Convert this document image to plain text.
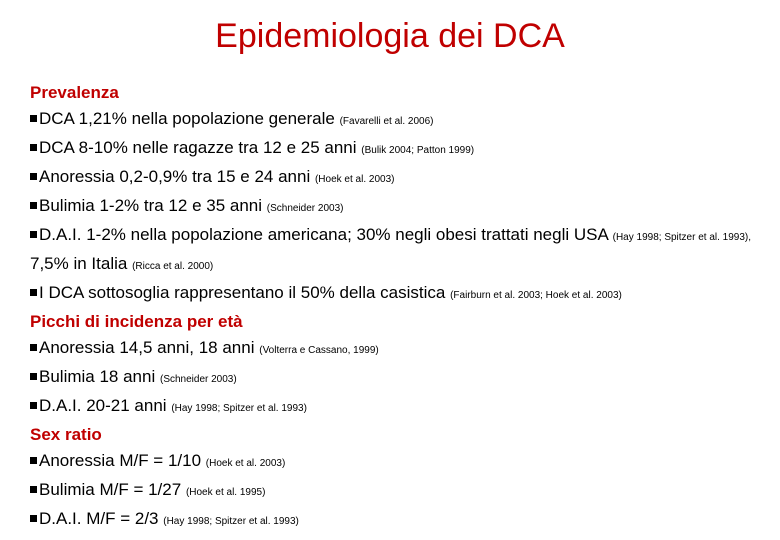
Epidemiologia dei DCA
Prevalenza
DCA 1,21% nella popolazione generale (Favarelli et al. 2006)
DCA 8-10% nelle ragazze tra 12 e 25 anni (Bulik 2004; Patton 1999)
Anoressia 0,2-0,9% tra 15 e 24 anni (Hoek et al. 2003)
Bulimia 1-2% tra 12 e 35 anni (Schneider 2003)
D.A.I. 1-2% nella popolazione americana; 30% negli obesi trattati negli USA (Hay 1998; Spitzer et al. 1993), 7,5% in Italia (Ricca et al. 2000)
I DCA sottosoglia rappresentano il 50% della casistica (Fairburn et al. 2003; Hoek et al. 2003)
Picchi di incidenza per età
Anoressia 14,5 anni, 18 anni (Volterra e Cassano, 1999)
Bulimia 18 anni (Schneider 2003)
D.A.I. 20-21 anni (Hay 1998; Spitzer et al. 1993)
Sex ratio
Anoressia M/F = 1/10 (Hoek et al. 2003)
Bulimia M/F = 1/27 (Hoek et al. 1995)
D.A.I. M/F = 2/3 (Hay 1998; Spitzer et al. 1993)
